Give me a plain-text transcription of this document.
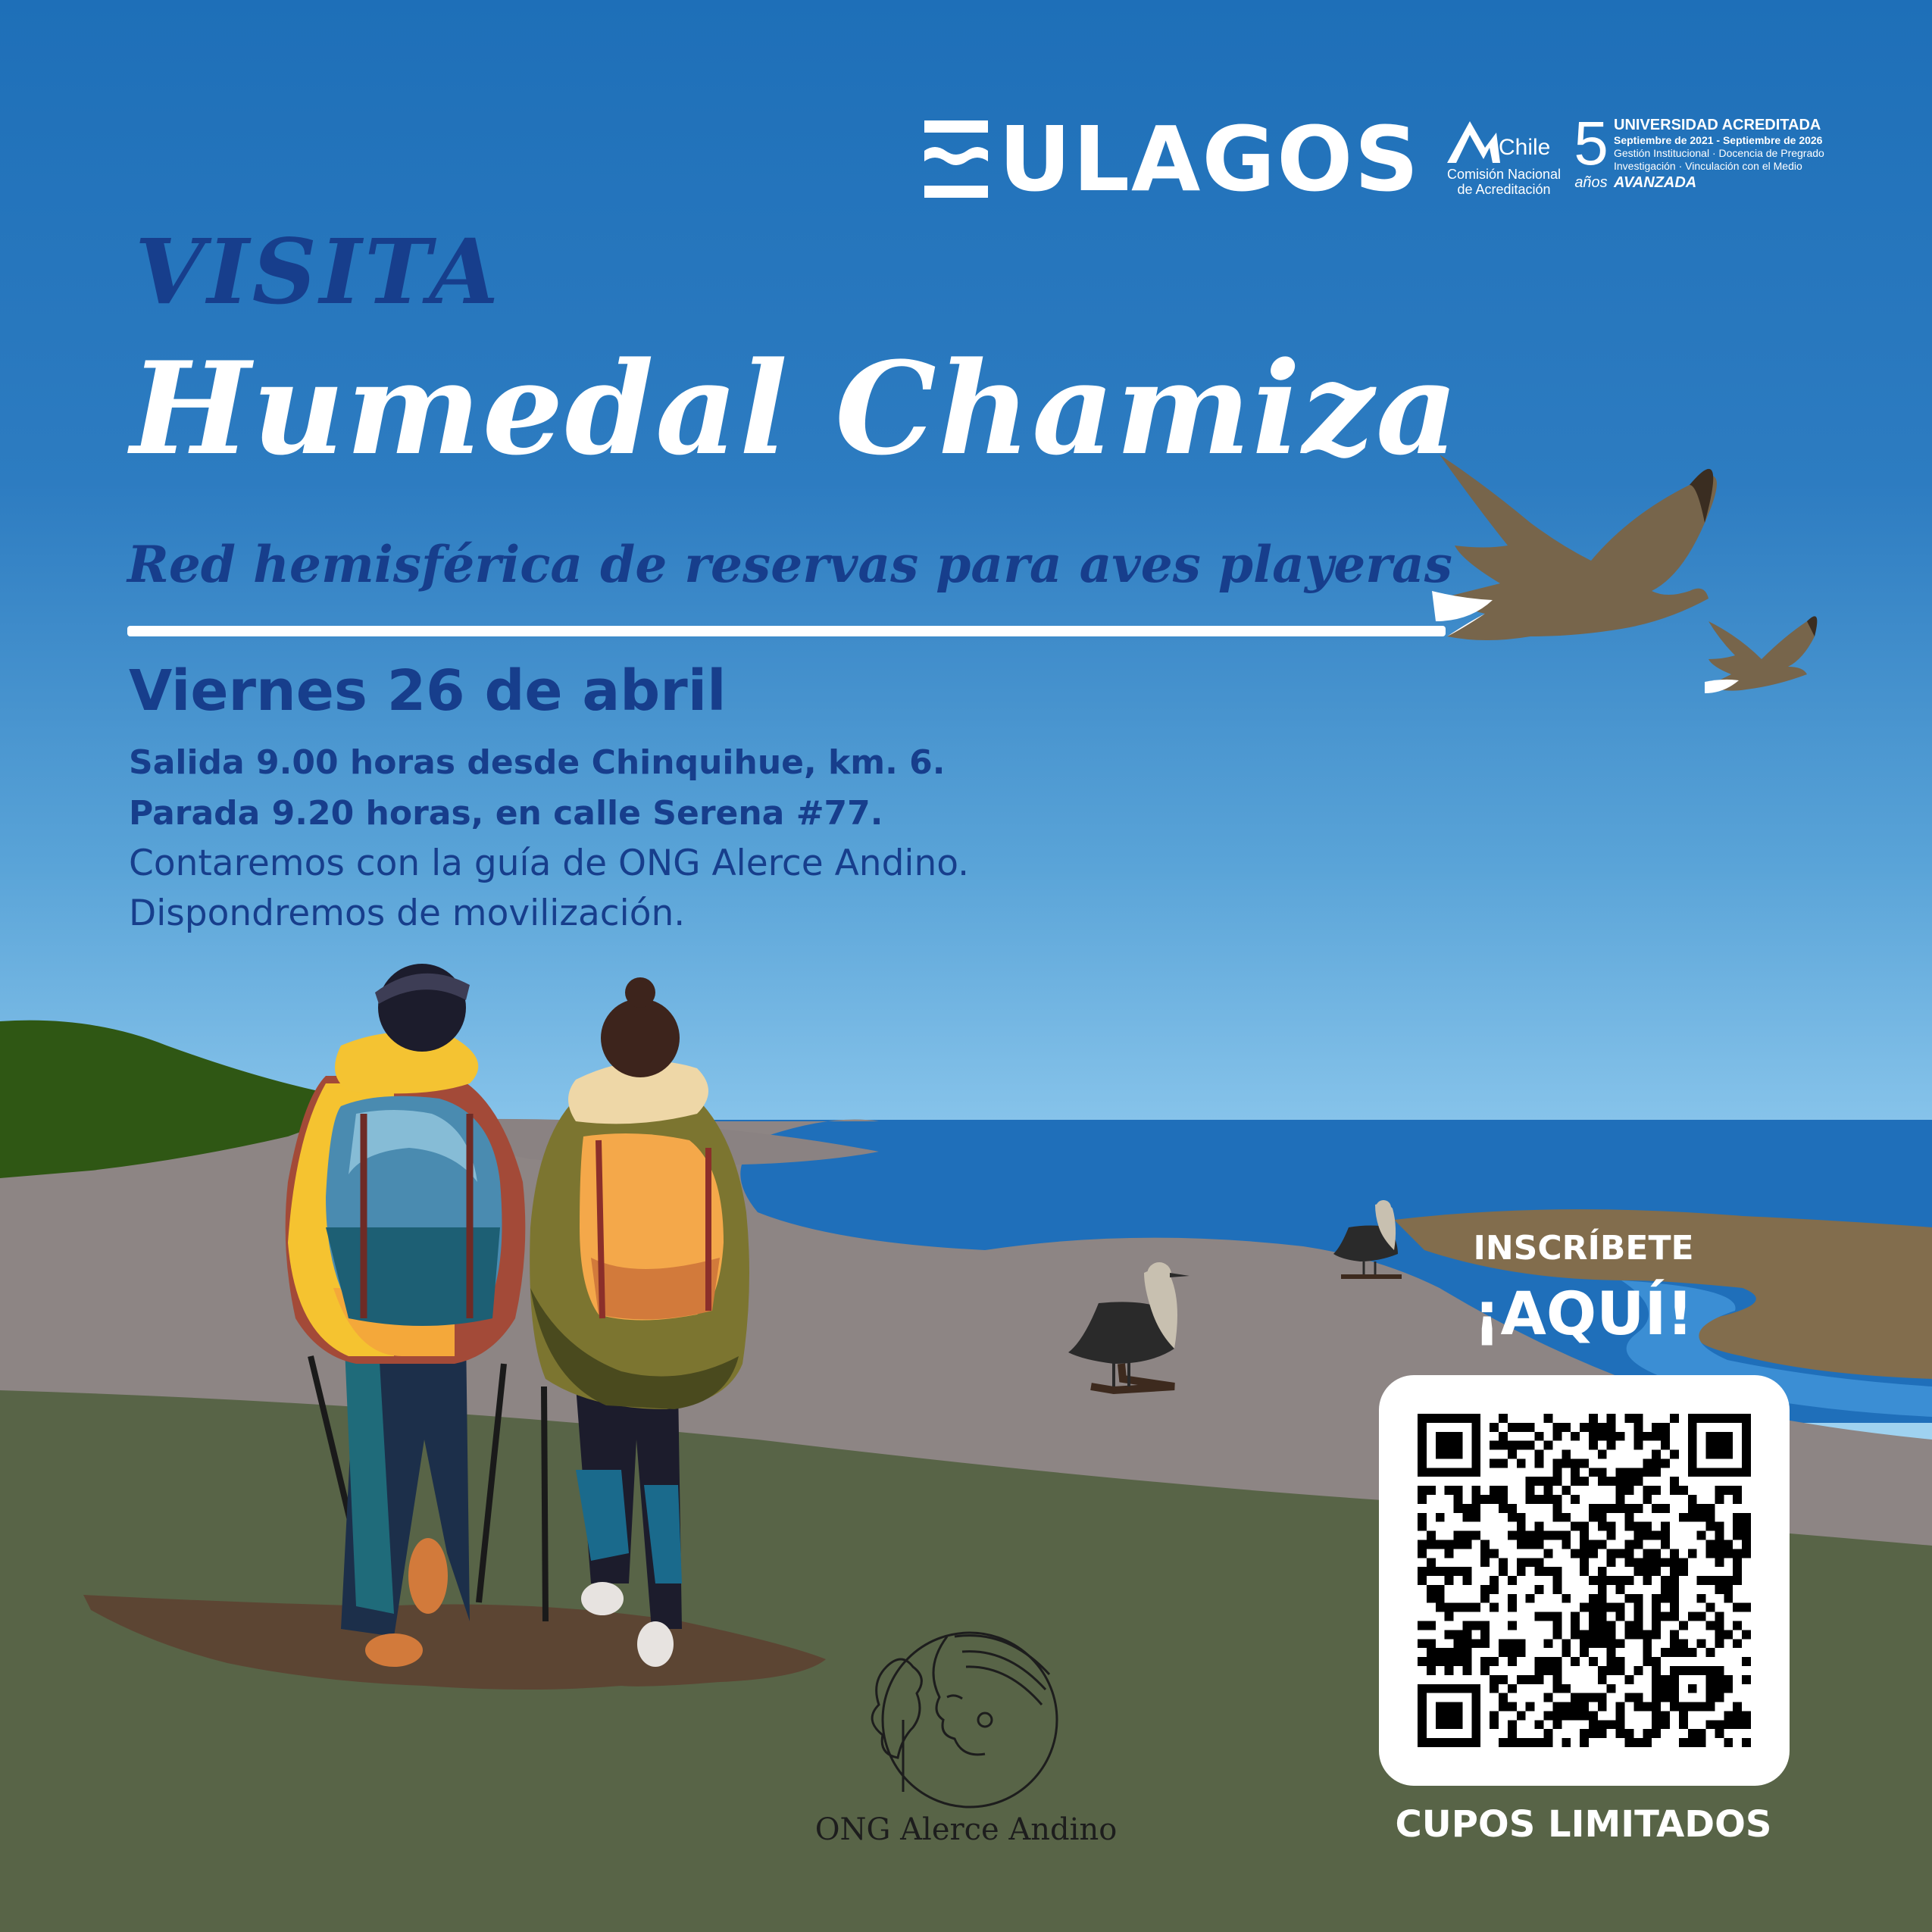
ULAGOS	Chile
Comisión Nacional
de Acreditación
5
años
UNIVERSIDAD ACREDITADA
Septiembre de 2021 - Septiembre de 2026
Gestión Institucional · Docencia de Pregrado
Investigación · Vinculación con el Medio
AVANZADA
VISITA
Humedal Chamiza
Red hemisférica de reservas para aves playeras
Viernes 26 de abril
Salida 9.00 horas desde Chinquihue, km. 6.
Parada 9.20 horas, en calle Serena #77.
Contaremos con la guía de ONG Alerce Andino.
Dispondremos de movilización.
INSCRÍBETE
¡AQUÍ!
CUPOS LIMITADOS
ONG Alerce Andino
